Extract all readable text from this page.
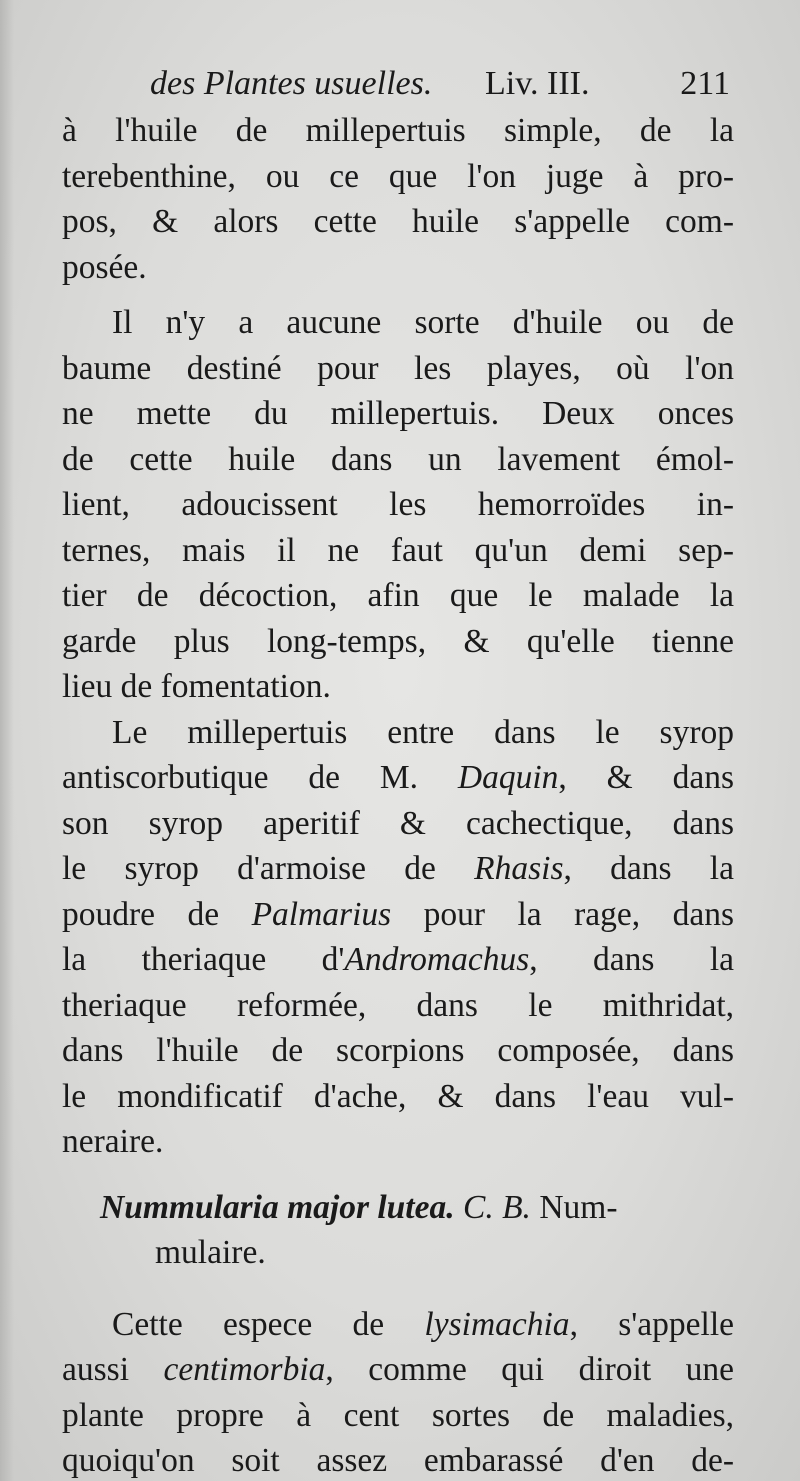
des Plantes usuelles. Liv. III.	211

à l'huile de millepertuis simple, de la
terebenthine, ou ce que l'on juge à pro-
pos, & alors cette huile s'appelle com-
posée.

Il n'y a aucune sorte d'huile ou de
baume destiné pour les playes, où l'on
ne mette du millepertuis. Deux onces
de cette huile dans un lavement émol-
lient, adoucissent les hemorroïdes in-
ternes, mais il ne faut qu'un demi sep-
tier de décoction, afin que le malade la
garde plus long-temps, & qu'elle tienne
lieu de fomentation.

Le millepertuis entre dans le syrop
antiscorbutique de M. Daquin, & dans
son syrop aperitif & cachectique, dans
le syrop d'armoise de Rhasis, dans la
poudre de Palmarius pour la rage, dans
la theriaque d'Andromachus, dans la
theriaque reformée, dans le mithridat,
dans l'huile de scorpions composée, dans
le mondificatif d'ache, & dans l'eau vul-
neraire.

Nummularia major lutea. C. B. Num-
mulaire.

Cette espece de lysimachia, s'appelle
aussi centimorbia, comme qui diroit une
plante propre à cent sortes de maladies,
quoiqu'on soit assez embarassé d'en de-
